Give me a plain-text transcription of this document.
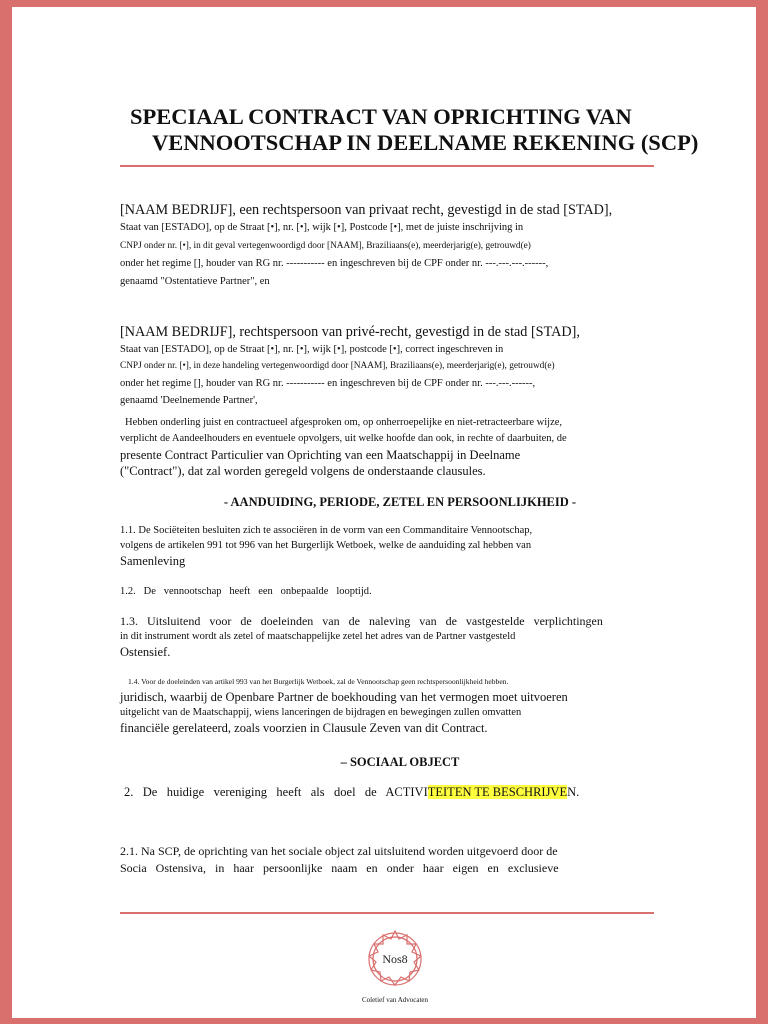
SPECIAAL CONTRACT VAN OPRICHTING VAN
VENNOOTSCHAP IN DEELNAME REKENING (SCP)
[NAAM BEDRIJF], een rechtspersoon van privaat recht, gevestigd in de stad [STAD],
Staat van [ESTADO], op de Straat [•], nr. [•], wijk [•], Postcode [•], met de juiste inschrijving in
CNPJ onder nr. [•], in dit geval vertegenwoordigd door [NAAM], Braziliaans(e), meerderjarig(e), getrouwd(e)
onder het regime [], houder van RG nr. ----------- en ingeschreven bij de CPF onder nr. ---.---.---.------,
genaamd "Ostentatieve Partner", en
[NAAM BEDRIJF], rechtspersoon van privé-recht, gevestigd in de stad [STAD],
Staat van [ESTADO], op de Straat [•], nr. [•], wijk [•], postcode [•], correct ingeschreven in
CNPJ onder nr. [•], in deze handeling vertegenwoordigd door [NAAM], Braziliaans(e), meerderjarig(e), getrouwd(e)
onder het regime [], houder van RG nr. ----------- en ingeschreven bij de CPF onder nr. ---.---.------,
genaamd 'Deelnemende Partner',
Hebben onderling juist en contractueel afgesproken om, op onherroepelijke en niet-retracteerbare wijze,
verplicht de Aandeelhouders en eventuele opvolgers, uit welke hoofde dan ook, in rechte of daarbuiten, de
presente Contract Particulier van Oprichting van een Maatschappij in Deelname
("Contract"), dat zal worden geregeld volgens de onderstaande clausules.
- AANDUIDING, PERIODE, ZETEL EN PERSOONLIJKHEID -
1.1. De Sociëteiten besluiten zich te associëren in de vorm van een Commanditaire Vennootschap,
volgens de artikelen 991 tot 996 van het Burgerlijk Wetboek, welke de aanduiding zal hebben van
Samenleving
1.2.   De   vennootschap   heeft   een   onbepaalde   looptijd.
1.3.   Uitsluitend   voor   de   doeleinden   van   de   naleving   van   de   vastgestelde   verplichtingen
in dit instrument wordt als zetel of maatschappelijke zetel het adres van de Partner vastgesteld
Ostensief.
1.4. Voor de doeleinden van artikel 993 van het Burgerlijk Wetboek, zal de Vennootschap geen rechtspersoonlijkheid hebben.
juridisch, waarbij de Openbare Partner de boekhouding van het vermogen moet uitvoeren
uitgelicht van de Maatschappij, wiens lanceringen de bijdragen en bewegingen zullen omvatten
financiële gerelateerd, zoals voorzien in Clausule Zeven van dit Contract.
– SOCIAAL OBJECT
2.   De   huidige   vereniging   heeft   als   doel   de   ACTIVITEITEN TE BESCHRIJVEN.
2.1. Na SCP, de oprichting van het sociale object zal uitsluitend worden uitgevoerd door de
Socia   Ostensiva,   in   haar   persoonlijke   naam   en   onder   haar   eigen   en   exclusieve
Nos8
Coletief van Advocaten
